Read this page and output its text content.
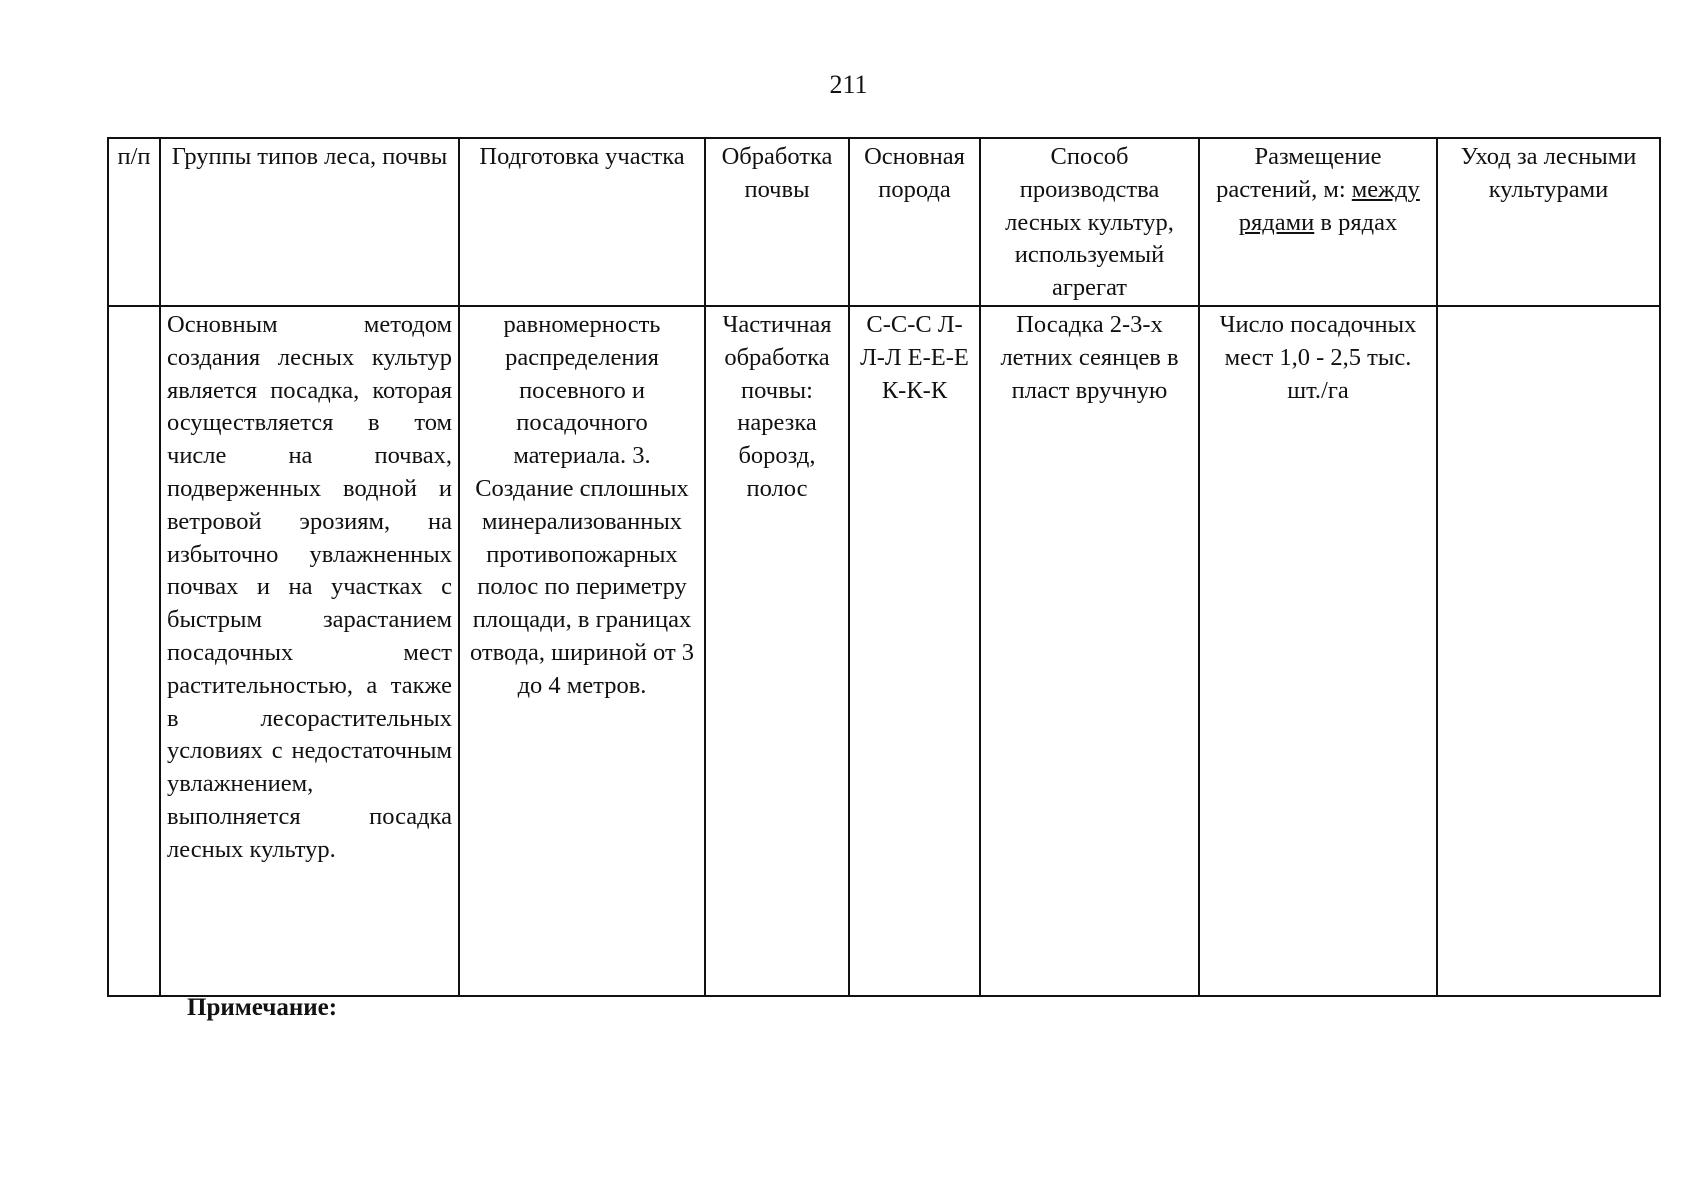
211
п/п	Группы типов леса, почвы	Подготовка участка	Обработка почвы	Основная порода	Способ производства лесных культур, используемый агрегат	Размещение растений, м: между рядами в рядах	Уход за лесными культурами
	Основным методом создания лесных культур является посадка, которая осуществляется в том числе на почвах, подверженных водной и ветровой эрозиям, на избыточно увлажненных почвах и на участках с быстрым зарастанием посадочных мест растительностью, а также в лесорастительных условиях с недостаточным увлажнением, выполняется посадка лесных культур.	равномерность распределения посевного и посадочного материала. 3. Создание сплошных минерализованных противопожарных полос по периметру площади, в границах отвода, шириной от 3 до 4 метров.	Частичная обработка почвы: нарезка борозд, полос	С-С-С Л-Л-Л Е-Е-Е К-К-К	Посадка 2-3-х летних сеянцев в пласт вручную	Число посадочных мест 1,0 - 2,5 тыс. шт./га	
Примечание:
